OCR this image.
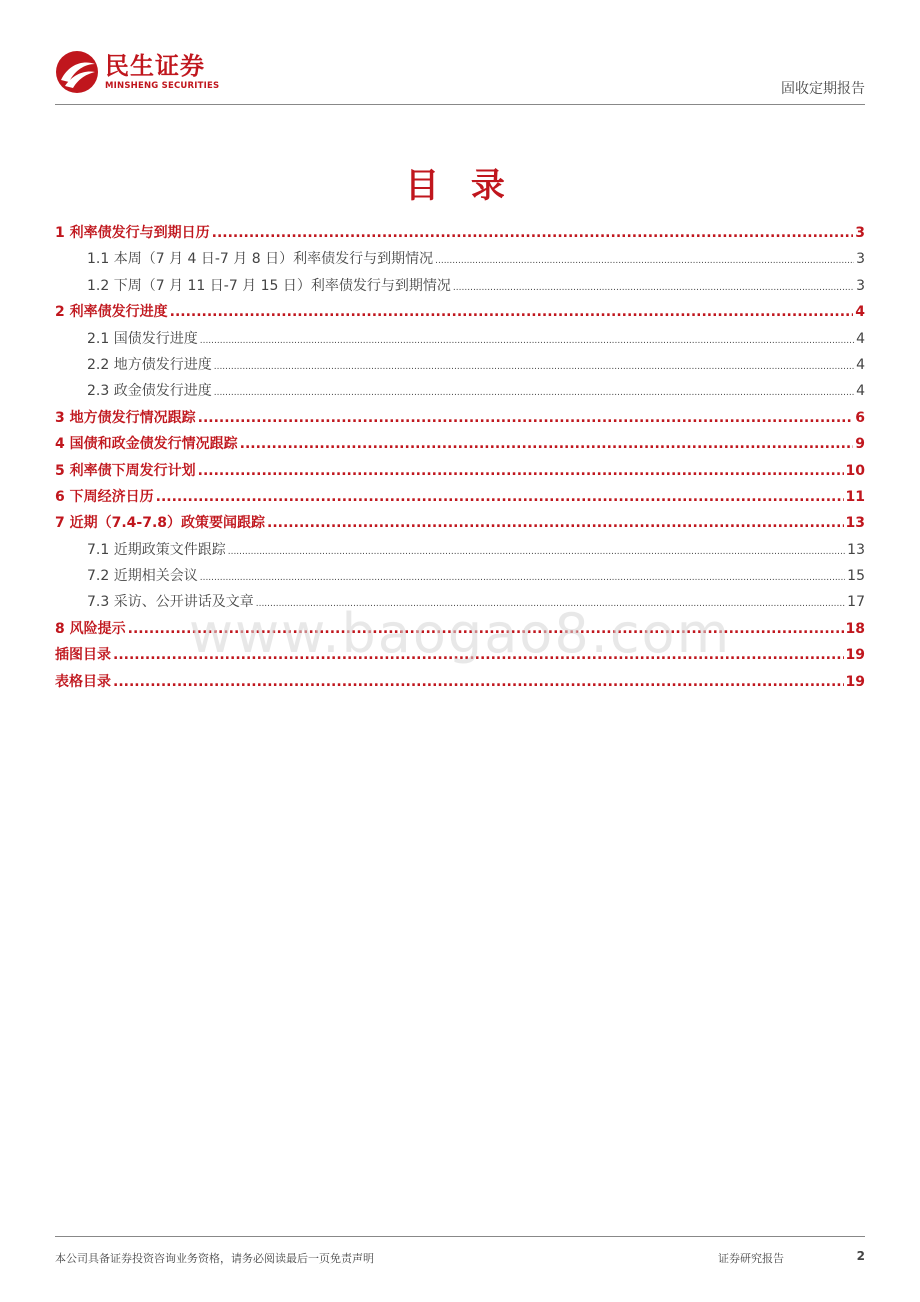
民生证券
MINSHENG SECURITIES	固收定期报告
目 录
1 利率债发行与到期日历 .....	3
1.1 本周（7 月 4 日-7 月 8 日）利率债发行与到期情况 .....	3
1.2 下周（7 月 11 日-7 月 15 日）利率债发行与到期情况 .....	3
2 利率债发行进度 .....	4
2.1 国债发行进度 .....	4
2.2 地方债发行进度 .....	4
2.3 政金债发行进度 .....	4
3 地方债发行情况跟踪 .....	6
4 国债和政金债发行情况跟踪 .....	9
5 利率债下周发行计划 .....	10
6 下周经济日历 .....	11
7 近期（7.4-7.8）政策要闻跟踪 .....	13
7.1 近期政策文件跟踪 .....	13
7.2 近期相关会议 .....	15
7.3 采访、公开讲话及文章 .....	17
8 风险提示 .....	18
插图目录 .....	19
表格目录 .....	19
www.baogao8.com
本公司具备证券投资咨询业务资格，请务必阅读最后一页免责声明	证券研究报告	2
